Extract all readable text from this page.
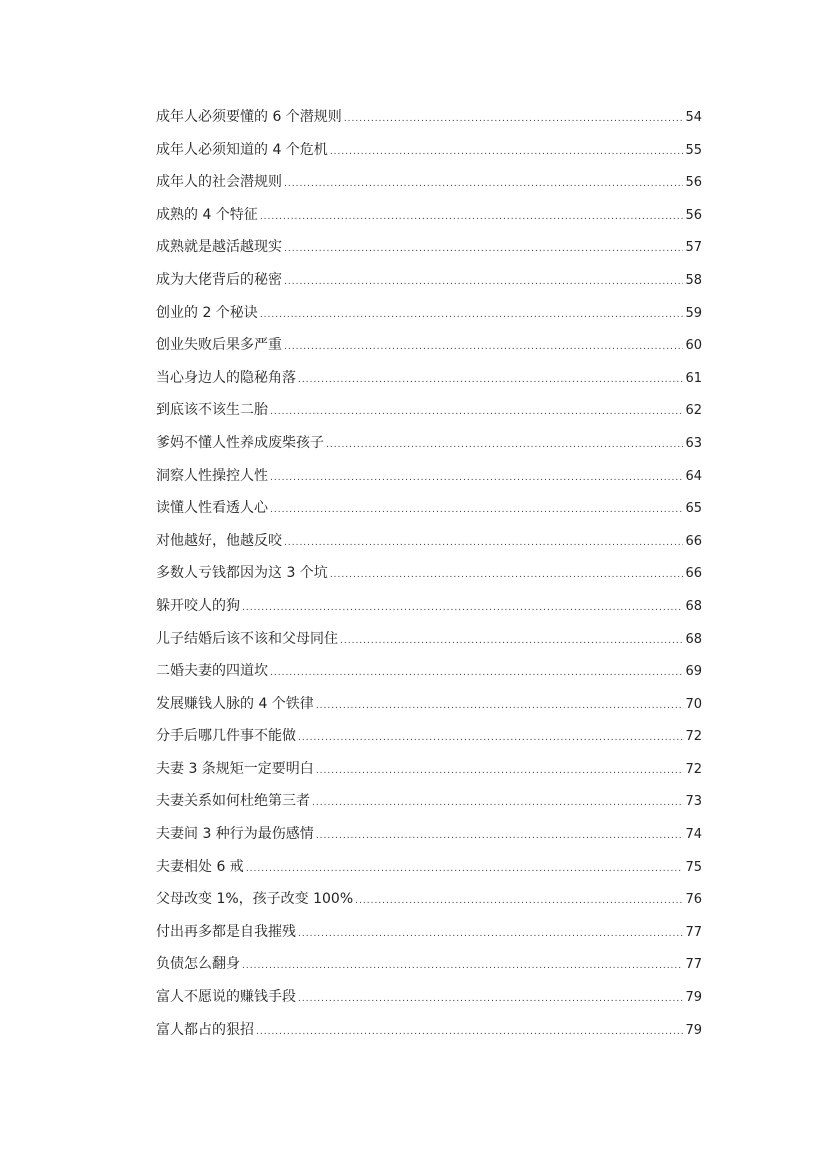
成年人必须要懂的 6 个潜规则 .....	54
成年人必须知道的 4 个危机 .....	55
成年人的社会潜规则 .....	56
成熟的 4 个特征 .....	56
成熟就是越活越现实 .....	57
成为大佬背后的秘密 .....	58
创业的 2 个秘诀 .....	59
创业失败后果多严重 .....	60
当心身边人的隐秘角落 .....	61
到底该不该生二胎 .....	62
爹妈不懂人性养成废柴孩子 .....	63
洞察人性操控人性 .....	64
读懂人性看透人心 .....	65
对他越好，他越反咬 .....	66
多数人亏钱都因为这 3 个坑 .....	66
躲开咬人的狗 .....	68
儿子结婚后该不该和父母同住 .....	68
二婚夫妻的四道坎 .....	69
发展赚钱人脉的 4 个铁律 .....	70
分手后哪几件事不能做 .....	72
夫妻 3 条规矩一定要明白 .....	72
夫妻关系如何杜绝第三者 .....	73
夫妻间 3 种行为最伤感情 .....	74
夫妻相处 6 戒 .....	75
父母改变 1%，孩子改变 100% .....	76
付出再多都是自我摧残 .....	77
负债怎么翻身 .....	77
富人不愿说的赚钱手段 .....	79
富人都占的狠招 .....	79
